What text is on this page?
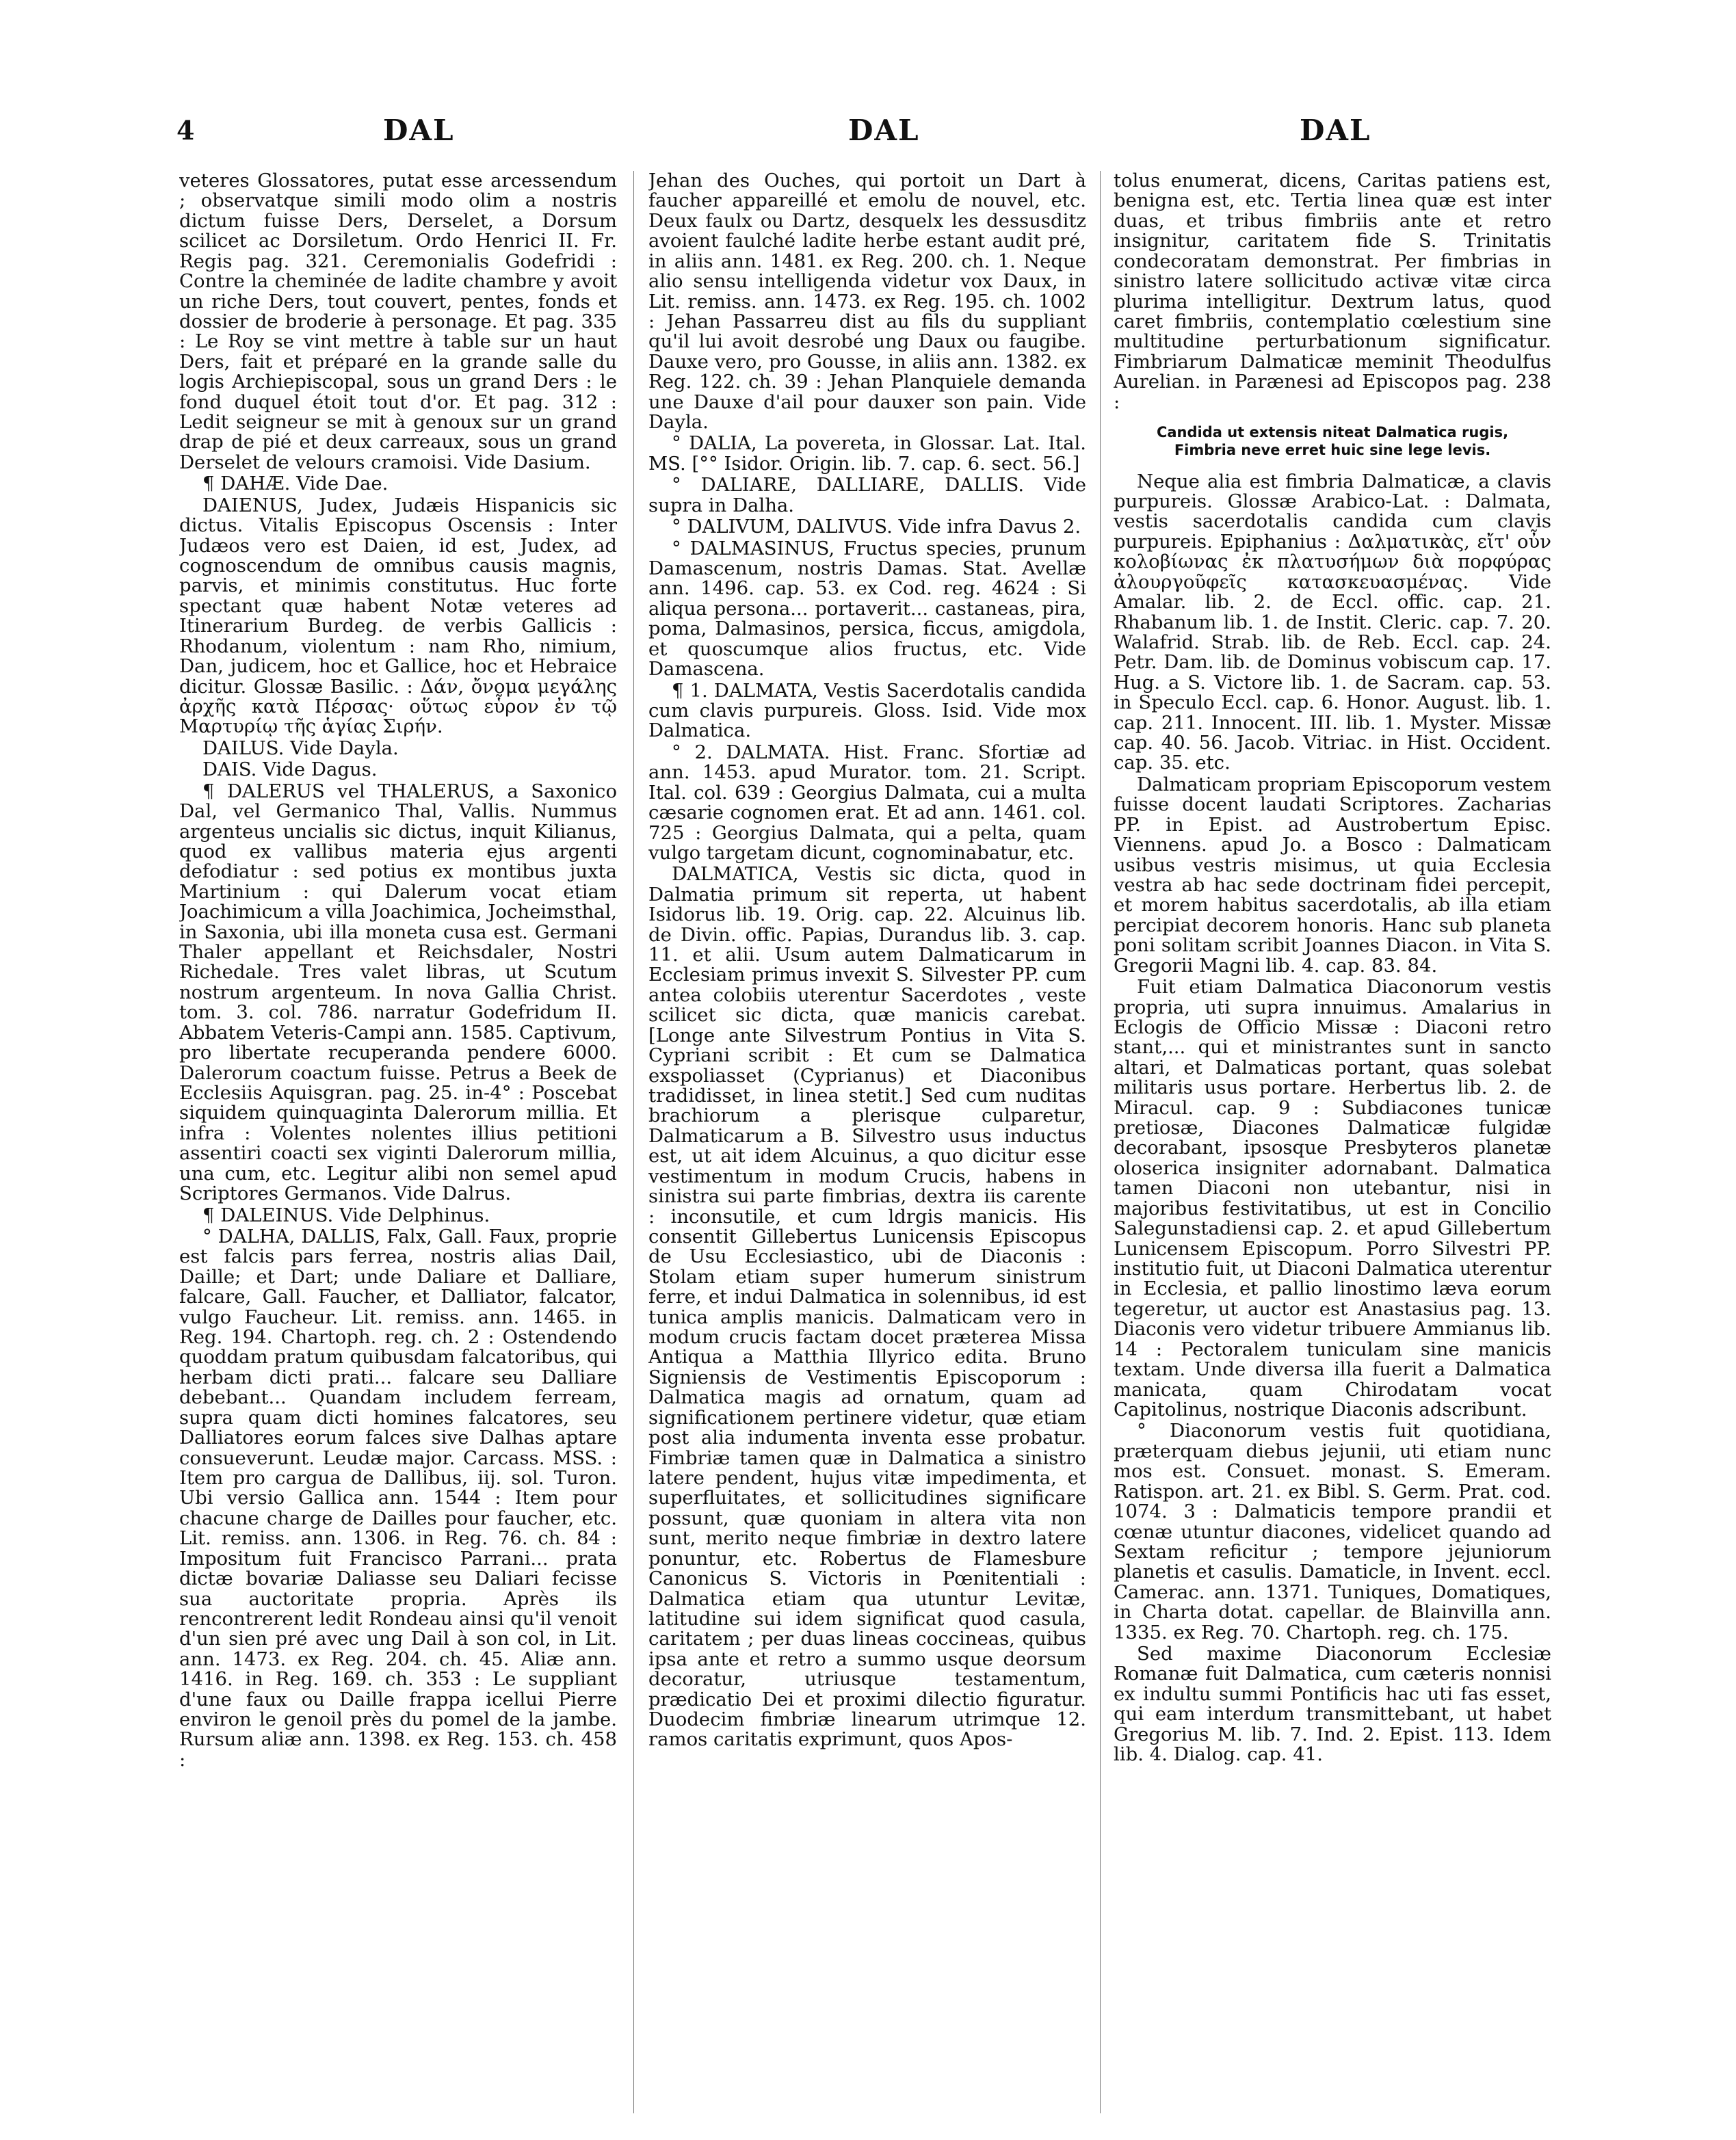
4	DAL	DAL	DAL

veteres Glossatores, putat esse arcessendum ; observatque simili modo olim a nostris dictum fuisse Ders, Derselet, a Dorsum scilicet ac Dorsiletum. Ordo Henrici II. Fr. Regis pag. 321. Ceremonialis Godefridi : Contre la cheminée de ladite chambre y avoit un riche Ders, tout couvert, pentes, fonds et dossier de broderie à personage. Et pag. 335 : Le Roy se vint mettre à table sur un haut Ders, fait et préparé en la grande salle du logis Archiepiscopal, sous un grand Ders : le fond duquel étoit tout d'or. Et pag. 312 : Ledit seigneur se mit à genoux sur un grand drap de pié et deux carreaux, sous un grand Derselet de velours cramoisi. Vide Dasium.

¶ DAHÆ. Vide Dae.

DAIENUS, Judex, Judæis Hispanicis sic dictus. Vitalis Episcopus Oscensis : Inter Judæos vero est Daien, id est, Judex, ad cognoscendum de omnibus causis magnis, parvis, et minimis constitutus. Huc forte spectant quæ habent Notæ veteres ad Itinerarium Burdeg. de verbis Gallicis : Rhodanum, violentum : nam Rho, nimium, Dan, judicem, hoc et Gallice, hoc et Hebraice dicitur. Glossæ Basilic. : Δάν, ὄνομα μεγάλης ἀρχῆς κατὰ Πέρσας· οὕτως εὗρον ἐν τῷ Μαρτυρίῳ τῆς ἁγίας Σιρήν.

DAILUS. Vide Dayla.

DAIS. Vide Dagus.

¶ DALERUS vel THALERUS, a Saxonico Dal, vel Germanico Thal, Vallis. Nummus argenteus uncialis sic dictus, inquit Kilianus, quod ex vallibus materia ejus argenti defodiatur : sed potius ex montibus juxta Martinium : qui Dalerum vocat etiam Joachimicum a villa Joachimica, Jocheimsthal, in Saxonia, ubi illa moneta cusa est. Germani Thaler appellant et Reichsdaler, Nostri Richedale. Tres valet libras, ut Scutum nostrum argenteum. In nova Gallia Christ. tom. 3. col. 786. narratur Godefridum II. Abbatem Veteris-Campi ann. 1585. Captivum, pro libertate recuperanda pendere 6000. Dalerorum coactum fuisse. Petrus a Beek de Ecclesiis Aquisgran. pag. 25. in-4° : Poscebat siquidem quinquaginta Dalerorum millia. Et infra : Volentes nolentes illius petitioni assentiri coacti sex viginti Dalerorum millia, una cum, etc. Legitur alibi non semel apud Scriptores Germanos. Vide Dalrus.

¶ DALEINUS. Vide Delphinus.

° DALHA, DALLIS, Falx, Gall. Faux, proprie est falcis pars ferrea, nostris alias Dail, Daille; et Dart; unde Daliare et Dalliare, falcare, Gall. Faucher, et Dalliator, falcator, vulgo Faucheur. Lit. remiss. ann. 1465. in Reg. 194. Chartoph. reg. ch. 2 : Ostendendo quoddam pratum quibusdam falcatoribus, qui herbam dicti prati... falcare seu Dalliare debebant... Quandam includem ferream, supra quam dicti homines falcatores, seu Dalliatores eorum falces sive Dalhas aptare consueverunt. Leudæ major. Carcass. MSS. : Item pro cargua de Dallibus, iij. sol. Turon. Ubi versio Gallica ann. 1544 : Item pour chacune charge de Dailles pour faucher, etc. Lit. remiss. ann. 1306. in Reg. 76. ch. 84 : Impositum fuit Francisco Parrani... prata dictæ bovariæ Daliasse seu Daliari fecisse sua auctoritate propria. Après ils rencontrerent ledit Rondeau ainsi qu'il venoit d'un sien pré avec ung Dail à son col, in Lit. ann. 1473. ex Reg. 204. ch. 45. Aliæ ann. 1416. in Reg. 169. ch. 353 : Le suppliant d'une faux ou Daille frappa icellui Pierre environ le genoil près du pomel de la jambe. Rursum aliæ ann. 1398. ex Reg. 153. ch. 458 :

Jehan des Ouches, qui portoit un Dart à faucher appareillé et emolu de nouvel, etc. Deux faulx ou Dartz, desquelx les dessusditz avoient faulché ladite herbe estant audit pré, in aliis ann. 1481. ex Reg. 200. ch. 1. Neque alio sensu intelligenda videtur vox Daux, in Lit. remiss. ann. 1473. ex Reg. 195. ch. 1002 : Jehan Passarreu dist au fils du suppliant qu'il lui avoit desrobé ung Daux ou faugibe. Dauxe vero, pro Gousse, in aliis ann. 1382. ex Reg. 122. ch. 39 : Jehan Planquiele demanda une Dauxe d'ail pour dauxer son pain. Vide Dayla.

° DALIA, La povereta, in Glossar. Lat. Ital. MS. [°° Isidor. Origin. lib. 7. cap. 6. sect. 56.]

° DALIARE, DALLIARE, DALLIS. Vide supra in Dalha.

° DALIVUM, DALIVUS. Vide infra Davus 2.

° DALMASINUS, Fructus species, prunum Damascenum, nostris Damas. Stat. Avellæ ann. 1496. cap. 53. ex Cod. reg. 4624 : Si aliqua persona... portaverit... castaneas, pira, poma, Dalmasinos, persica, ficcus, amigdola, et quoscumque alios fructus, etc. Vide Damascena.

¶ 1. DALMATA, Vestis Sacerdotalis candida cum clavis purpureis. Gloss. Isid. Vide mox Dalmatica.

° 2. DALMATA. Hist. Franc. Sfortiæ ad ann. 1453. apud Murator. tom. 21. Script. Ital. col. 639 : Georgius Dalmata, cui a multa cæsarie cognomen erat. Et ad ann. 1461. col. 725 : Georgius Dalmata, qui a pelta, quam vulgo targetam dicunt, cognominabatur, etc.

DALMATICA, Vestis sic dicta, quod in Dalmatia primum sit reperta, ut habent Isidorus lib. 19. Orig. cap. 22. Alcuinus lib. de Divin. offic. Papias, Durandus lib. 3. cap. 11. et alii. Usum autem Dalmaticarum in Ecclesiam primus invexit S. Silvester PP. cum antea colobiis uterentur Sacerdotes , veste scilicet sic dicta, quæ manicis carebat. [Longe ante Silvestrum Pontius in Vita S. Cypriani scribit : Et cum se Dalmatica exspoliasset (Cyprianus) et Diaconibus tradidisset, in linea stetit.] Sed cum nuditas brachiorum a plerisque culparetur, Dalmaticarum a B. Silvestro usus inductus est, ut ait idem Alcuinus, a quo dicitur esse vestimentum in modum Crucis, habens in sinistra sui parte fimbrias, dextra iis carente : inconsutile, et cum ldrgis manicis. His consentit Gillebertus Lunicensis Episcopus de Usu Ecclesiastico, ubi de Diaconis : Stolam etiam super humerum sinistrum ferre, et indui Dalmatica in solennibus, id est tunica amplis manicis. Dalmaticam vero in modum crucis factam docet præterea Missa Antiqua a Matthia Illyrico edita. Bruno Signiensis de Vestimentis Episcoporum : Dalmatica magis ad ornatum, quam ad significationem pertinere videtur, quæ etiam post alia indumenta inventa esse probatur. Fimbriæ tamen quæ in Dalmatica a sinistro latere pendent, hujus vitæ impedimenta, et superfluitates, et sollicitudines significare possunt, quæ quoniam in altera vita non sunt, merito neque fimbriæ in dextro latere ponuntur, etc. Robertus de Flamesbure Canonicus S. Victoris in Pœnitentiali : Dalmatica etiam qua utuntur Levitæ, latitudine sui idem significat quod casula, caritatem ; per duas lineas coccineas, quibus ipsa ante et retro a summo usque deorsum decoratur, utriusque testamentum, prædicatio Dei et proximi dilectio figuratur. Duodecim fimbriæ linearum utrimque 12. ramos caritatis exprimunt, quos Apos-

tolus enumerat, dicens, Caritas patiens est, benigna est, etc. Tertia linea quæ est inter duas, et tribus fimbriis ante et retro insignitur, caritatem fide S. Trinitatis condecoratam demonstrat. Per fimbrias in sinistro latere sollicitudo activæ vitæ circa plurima intelligitur. Dextrum latus, quod caret fimbriis, contemplatio cœlestium sine multitudine perturbationum significatur. Fimbriarum Dalmaticæ meminit Theodulfus Aurelian. in Parænesi ad Episcopos pag. 238 :

Candida ut extensis niteat Dalmatica rugis,
Fimbria neve erret huic sine lege levis.

Neque alia est fimbria Dalmaticæ, a clavis purpureis. Glossæ Arabico-Lat. : Dalmata, vestis sacerdotalis candida cum clavis purpureis. Epiphanius : Δαλματικὰς, εἴτ' οὖν κολοβίωνας ἐκ πλατυσήμων διὰ πορφύρας ἀλουργοῦφεῖς κατασκευασμένας. Vide Amalar. lib. 2. de Eccl. offic. cap. 21. Rhabanum lib. 1. de Instit. Cleric. cap. 7. 20. Walafrid. Strab. lib. de Reb. Eccl. cap. 24. Petr. Dam. lib. de Dominus vobiscum cap. 17. Hug. a S. Victore lib. 1. de Sacram. cap. 53. in Speculo Eccl. cap. 6. Honor. August. lib. 1. cap. 211. Innocent. III. lib. 1. Myster. Missæ cap. 40. 56. Jacob. Vitriac. in Hist. Occident. cap. 35. etc.

Dalmaticam propriam Episcoporum vestem fuisse docent laudati Scriptores. Zacharias PP. in Epist. ad Austrobertum Episc. Viennens. apud Jo. a Bosco : Dalmaticam usibus vestris misimus, ut quia Ecclesia vestra ab hac sede doctrinam fidei percepit, et morem habitus sacerdotalis, ab illa etiam percipiat decorem honoris. Hanc sub planeta poni solitam scribit Joannes Diacon. in Vita S. Gregorii Magni lib. 4. cap. 83. 84.

Fuit etiam Dalmatica Diaconorum vestis propria, uti supra innuimus. Amalarius in Eclogis de Officio Missæ : Diaconi retro stant,... qui et ministrantes sunt in sancto altari, et Dalmaticas portant, quas solebat militaris usus portare. Herbertus lib. 2. de Miracul. cap. 9 : Subdiacones tunicæ pretiosæ, Diacones Dalmaticæ fulgidæ decorabant, ipsosque Presbyteros planetæ oloserica insigniter adornabant. Dalmatica tamen Diaconi non utebantur, nisi in majoribus festivitatibus, ut est in Concilio Salegunstadiensi cap. 2. et apud Gillebertum Lunicensem Episcopum. Porro Silvestri PP. institutio fuit, ut Diaconi Dalmatica uterentur in Ecclesia, et pallio linostimo læva eorum tegeretur, ut auctor est Anastasius pag. 13. Diaconis vero videtur tribuere Ammianus lib. 14 : Pectoralem tuniculam sine manicis textam. Unde diversa illa fuerit a Dalmatica manicata, quam Chirodatam vocat Capitolinus, nostrique Diaconis adscribunt.

° Diaconorum vestis fuit quotidiana, præterquam diebus jejunii, uti etiam nunc mos est. Consuet. monast. S. Emeram. Ratispon. art. 21. ex Bibl. S. Germ. Prat. cod. 1074. 3 : Dalmaticis tempore prandii et cœnæ utuntur diacones, videlicet quando ad Sextam reficitur ; tempore jejuniorum planetis et casulis. Damaticle, in Invent. eccl. Camerac. ann. 1371. Tuniques, Domatiques, in Charta dotat. capellar. de Blainvilla ann. 1335. ex Reg. 70. Chartoph. reg. ch. 175.

Sed maxime Diaconorum Ecclesiæ Romanæ fuit Dalmatica, cum cæteris nonnisi ex indultu summi Pontificis hac uti fas esset, qui eam interdum transmittebant, ut habet Gregorius M. lib. 7. Ind. 2. Epist. 113. Idem lib. 4. Dialog. cap. 41.
